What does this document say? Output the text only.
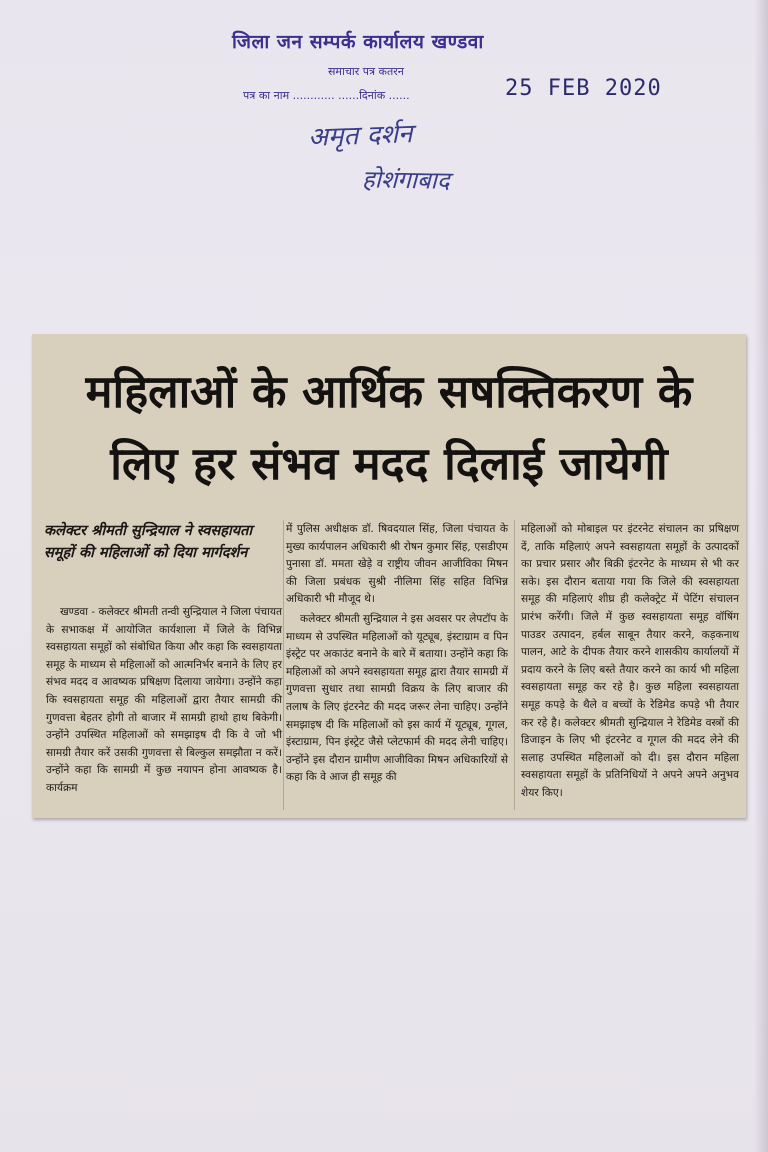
जिला जन सम्पर्क कार्यालय खण्डवा
समाचार पत्र कतरन
पत्र का नाम ............ ......दिनांक ......	25 FEB 2020
अमृत दर्शन
होशंगाबाद
महिलाओं के आर्थिक सषक्तिकरण के
लिए हर संभव मदद दिलाई जायेगी
कलेक्टर श्रीमती सुन्द्रियाल ने स्वसहायता समूहों की महिलाओं को दिया मार्गदर्शन

खण्डवा - कलेक्टर श्रीमती तन्वी सुन्द्रियाल ने जिला पंचायत के सभाकक्ष में आयोजित कार्यशाला में जिले के विभिन्न स्वसहायता समूहों को संबोधित किया और कहा कि स्वसहायता समूह के माध्यम से महिलाओं को आत्मनिर्भर बनाने के लिए हर संभव मदद व आवष्यक प्रषिक्षण दिलाया जायेगा। उन्होंने कहा कि स्वसहायता समूह की महिलाओं द्वारा तैयार सामग्री की गुणवत्ता बेहतर होगी तो बाजार में सामग्री हाथो हाथ बिकेगी। उन्होंने उपस्थित महिलाओं को समझाइष दी कि वे जो भी सामग्री तैयार करें उसकी गुणवत्ता से बिल्कुल समझौता न करें। उन्होंने कहा कि सामग्री में कुछ नयापन होना आवष्यक है। कार्यक्रम

में पुलिस अधीक्षक डॉ. षिवदयाल सिंह, जिला पंचायत के मुख्य कार्यपालन अधिकारी श्री रोषन कुमार सिंह, एसडीएम पुनासा डॉ. ममता खेड़े व राष्ट्रीय जीवन आजीविका मिषन की जिला प्रबंधक सुश्री नीलिमा सिंह सहित विभिन्न अधिकारी भी मौजूद थे।

कलेक्टर श्रीमती सुन्द्रियाल ने इस अवसर पर लेपटॉप के माध्यम से उपस्थित महिलाओं को यूट्यूब, इंस्टाग्राम व पिन इंस्ट्रेट पर अकाउंट बनाने के बारे में बताया। उन्होंने कहा कि महिलाओं को अपने स्वसहायता समूह द्वारा तैयार सामग्री में गुणवत्ता सुधार तथा सामग्री विक्रय के लिए बाजार की तलाष के लिए इंटरनेट की मदद जरूर लेना चाहिए। उन्होंने समझाइष दी कि महिलाओं को इस कार्य में यूट्यूब, गूगल, इंस्टाग्राम, पिन इंस्ट्रेट जैसे प्लेटफार्म की मदद लेनी चाहिए। उन्होंने इस दौरान ग्रामीण आजीविका मिषन अधिकारियों से कहा कि वे आज ही समूह की

महिलाओं को मोबाइल पर इंटरनेट संचालन का प्रषिक्षण दें, ताकि महिलाएं अपने स्वसहायता समूहों के उत्पादकों का प्रचार प्रसार और बिक्री इंटरनेट के माध्यम से भी कर सके। इस दौरान बताया गया कि जिले की स्वसहायता समूह की महिलाएं शीघ्र ही कलेक्ट्रेट में पेटिंग संचालन प्रारंभ करेंगी। जिले में कुछ स्वसहायता समूह वॉषिंग पाउडर उत्पादन, हर्बल साबून तैयार करने, कड़कनाथ पालन, आटे के दीपक तैयार करने शासकीय कार्यालयों में प्रदाय करने के लिए बस्ते तैयार करने का कार्य भी महिला स्वसहायता समूह कर रहे है। कुछ महिला स्वसहायता समूह कपड़े के थैले व बच्चों के रेडिमेड कपड़े भी तैयार कर रहे है। कलेक्टर श्रीमती सुन्द्रियाल ने रेडिमेड वस्त्रों की डिजाइन के लिए भी इंटरनेट व गूगल की मदद लेने की सलाह उपस्थित महिलाओं को दी। इस दौरान महिला स्वसहायता समूहों के प्रतिनिधियों ने अपने अपने अनुभव शेयर किए।
